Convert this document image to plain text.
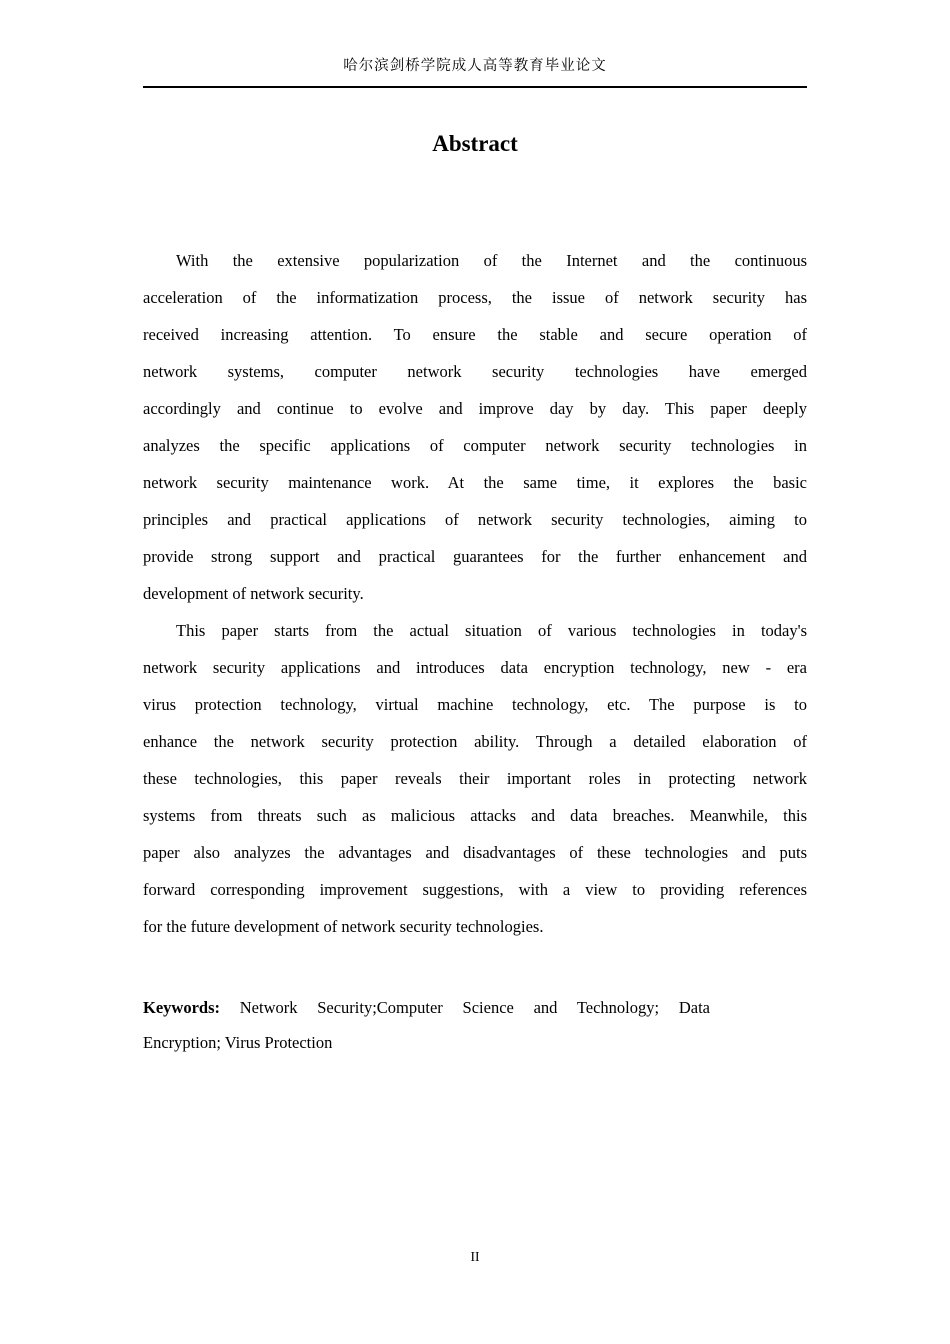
哈尔滨剑桥学院成人高等教育毕业论文
Abstract
With the extensive popularization of the Internet and the continuous
acceleration of the informatization process, the issue of network security has
received increasing attention. To ensure the stable and secure operation of
network systems, computer network security technologies have emerged
accordingly and continue to evolve and improve day by day. This paper deeply
analyzes the specific applications of computer network security technologies in
network security maintenance work. At the same time, it explores the basic
principles and practical applications of network security technologies, aiming to
provide strong support and practical guarantees for the further enhancement and
development of network security.
This paper starts from the actual situation of various technologies in today's
network security applications and introduces data encryption technology, new - era
virus protection technology, virtual machine technology, etc. The purpose is to
enhance the network security protection ability. Through a detailed elaboration of
these technologies, this paper reveals their important roles in protecting network
systems from threats such as malicious attacks and data breaches. Meanwhile, this
paper also analyzes the advantages and disadvantages of these technologies and puts
forward corresponding improvement suggestions, with a view to providing references
for the future development of network security technologies.
Keywords: Network Security;Computer Science and Technology; Data
Encryption; Virus Protection
II
